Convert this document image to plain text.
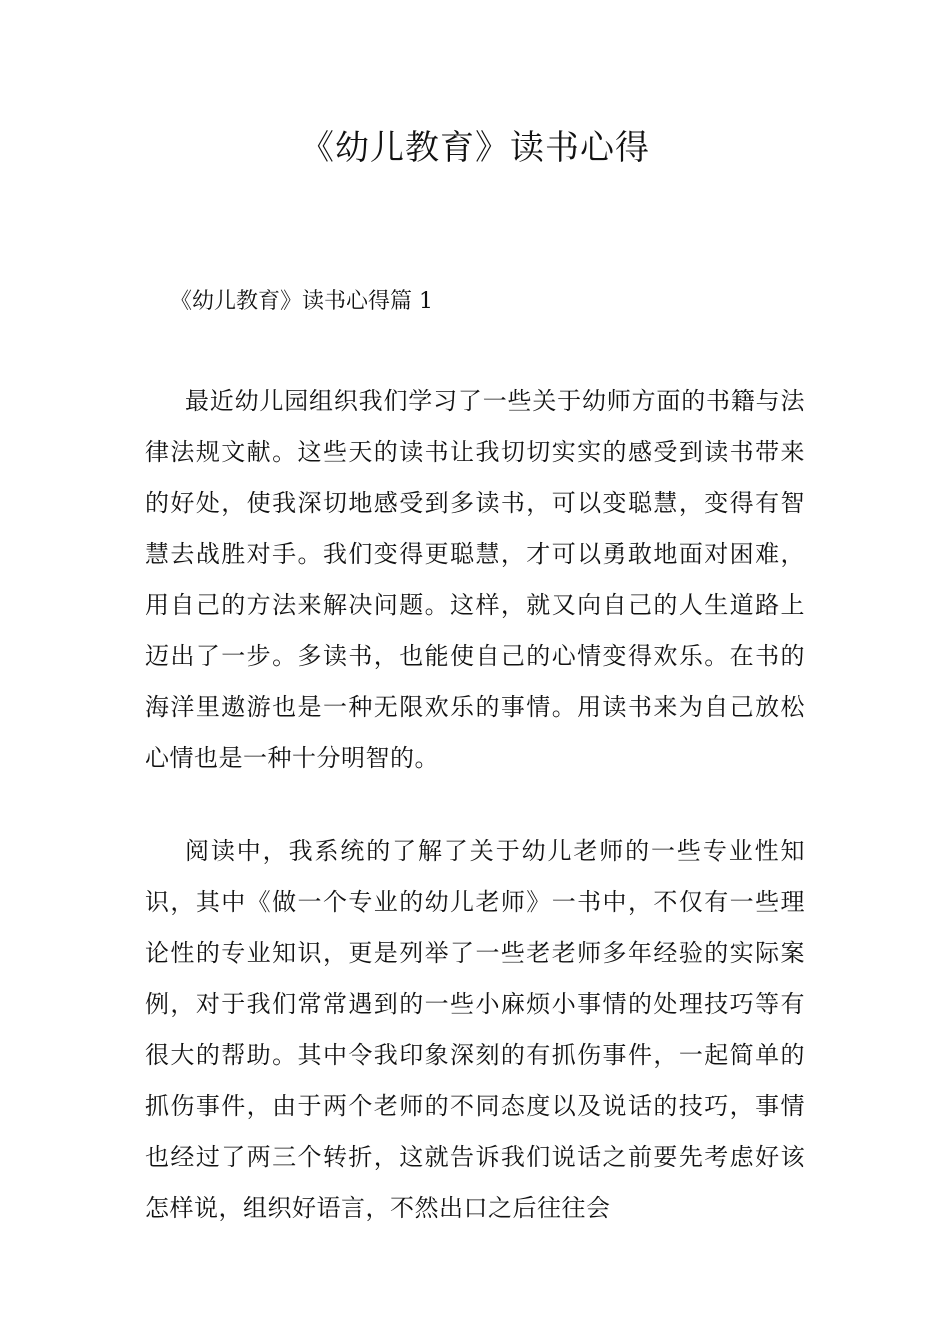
《幼儿教育》读书心得

《幼儿教育》读书心得篇 1

最近幼儿园组织我们学习了一些关于幼师方面的书籍与法律法规文献。这些天的读书让我切切实实的感受到读书带来的好处，使我深切地感受到多读书，可以变聪慧，变得有智慧去战胜对手。我们变得更聪慧，才可以勇敢地面对困难，用自己的方法来解决问题。这样，就又向自己的人生道路上迈出了一步。多读书，也能使自己的心情变得欢乐。在书的海洋里遨游也是一种无限欢乐的事情。用读书来为自己放松心情也是一种十分明智的。

阅读中，我系统的了解了关于幼儿老师的一些专业性知识，其中《做一个专业的幼儿老师》一书中，不仅有一些理论性的专业知识，更是列举了一些老老师多年经验的实际案例，对于我们常常遇到的一些小麻烦小事情的处理技巧等有很大的帮助。其中令我印象深刻的有抓伤事件，一起简单的抓伤事件，由于两个老师的不同态度以及说话的技巧，事情也经过了两三个转折，这就告诉我们说话之前要先考虑好该怎样说，组织好语言，不然出口之后往往会
